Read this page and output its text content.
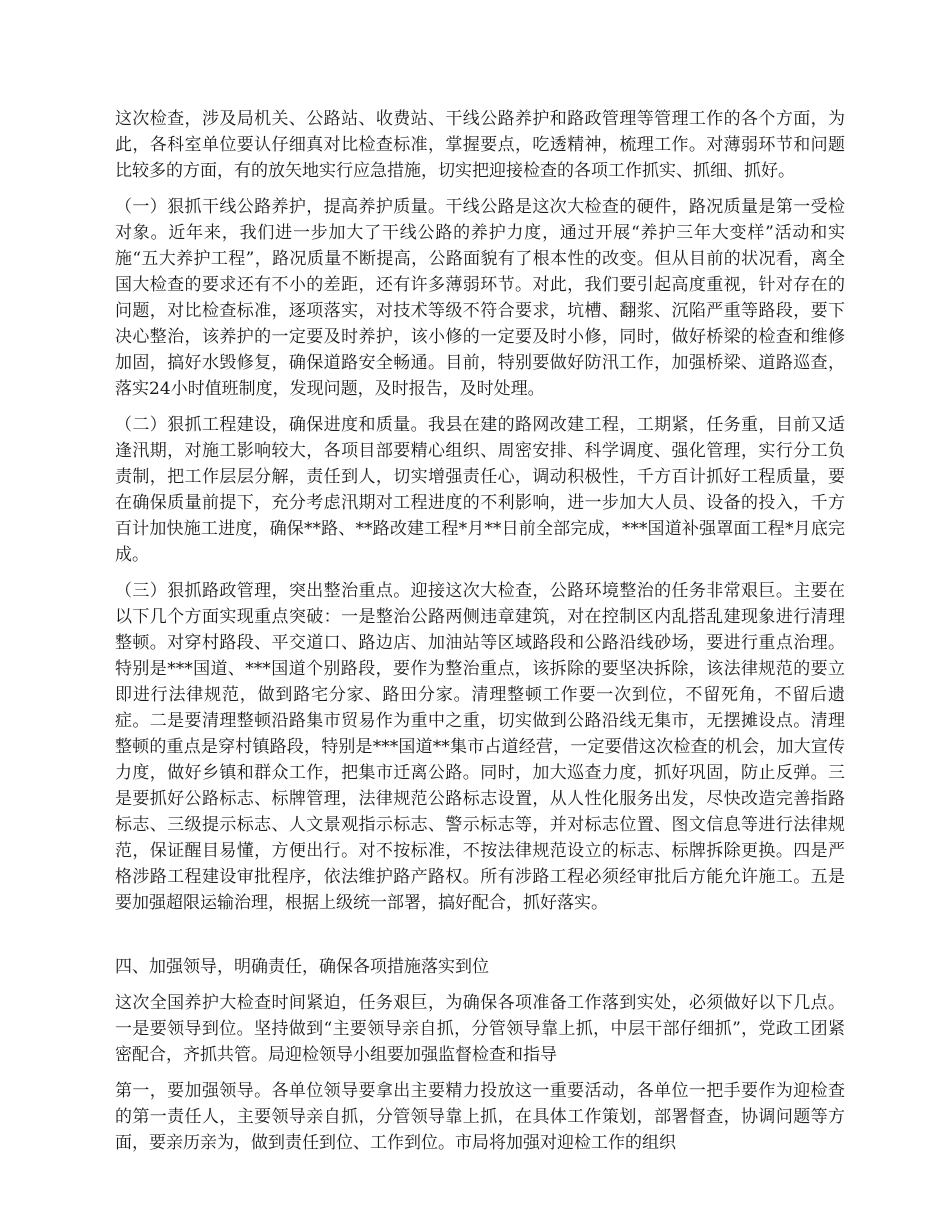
这次检查，涉及局机关、公路站、收费站、干线公路养护和路政管理等管理工作的各个方面，为此，各科室单位要认仔细真对比检查标准，掌握要点，吃透精神，梳理工作。对薄弱环节和问题比较多的方面，有的放矢地实行应急措施，切实把迎接检查的各项工作抓实、抓细、抓好。

（一）狠抓干线公路养护，提高养护质量。干线公路是这次大检查的硬件，路况质量是第一受检对象。近年来，我们进一步加大了干线公路的养护力度，通过开展“养护三年大变样”活动和实施“五大养护工程”，路况质量不断提高，公路面貌有了根本性的改变。但从目前的状况看，离全国大检查的要求还有不小的差距，还有许多薄弱环节。对此，我们要引起高度重视，针对存在的问题，对比检查标准，逐项落实，对技术等级不符合要求，坑槽、翻浆、沉陷严重等路段，要下决心整治，该养护的一定要及时养护，该小修的一定要及时小修，同时，做好桥梁的检查和维修加固，搞好水毁修复，确保道路安全畅通。目前，特别要做好防汛工作，加强桥梁、道路巡查，落实24小时值班制度，发现问题，及时报告，及时处理。

（二）狠抓工程建设，确保进度和质量。我县在建的路网改建工程，工期紧，任务重，目前又适逢汛期，对施工影响较大，各项目部要精心组织、周密安排、科学调度、强化管理，实行分工负责制，把工作层层分解，责任到人，切实增强责任心，调动积极性，千方百计抓好工程质量，要在确保质量前提下，充分考虑汛期对工程进度的不利影响，进一步加大人员、设备的投入，千方百计加快施工进度，确保**路、**路改建工程*月**日前全部完成，***国道补强罩面工程*月底完成。

（三）狠抓路政管理，突出整治重点。迎接这次大检查，公路环境整治的任务非常艰巨。主要在以下几个方面实现重点突破：一是整治公路两侧违章建筑，对在控制区内乱搭乱建现象进行清理整顿。对穿村路段、平交道口、路边店、加油站等区域路段和公路沿线砂场，要进行重点治理。特别是***国道、***国道个别路段，要作为整治重点，该拆除的要坚决拆除，该法律规范的要立即进行法律规范，做到路宅分家、路田分家。清理整顿工作要一次到位，不留死角，不留后遗症。二是要清理整顿沿路集市贸易作为重中之重，切实做到公路沿线无集市，无摆摊设点。清理整顿的重点是穿村镇路段，特别是***国道**集市占道经营，一定要借这次检查的机会，加大宣传力度，做好乡镇和群众工作，把集市迁离公路。同时，加大巡查力度，抓好巩固，防止反弹。三是要抓好公路标志、标牌管理，法律规范公路标志设置，从人性化服务出发，尽快改造完善指路标志、三级提示标志、人文景观指示标志、警示标志等，并对标志位置、图文信息等进行法律规范，保证醒目易懂，方便出行。对不按标准，不按法律规范设立的标志、标牌拆除更换。四是严格涉路工程建设审批程序，依法维护路产路权。所有涉路工程必须经审批后方能允许施工。五是要加强超限运输治理，根据上级统一部署，搞好配合，抓好落实。

四、加强领导，明确责任，确保各项措施落实到位

这次全国养护大检查时间紧迫，任务艰巨，为确保各项准备工作落到实处，必须做好以下几点。一是要领导到位。坚持做到“主要领导亲自抓，分管领导靠上抓，中层干部仔细抓”，党政工团紧密配合，齐抓共管。局迎检领导小组要加强监督检查和指导

第一，要加强领导。各单位领导要拿出主要精力投放这一重要活动，各单位一把手要作为迎检查的第一责任人，主要领导亲自抓，分管领导靠上抓，在具体工作策划，部署督查，协调问题等方面，要亲历亲为，做到责任到位、工作到位。市局将加强对迎检工作的组织
